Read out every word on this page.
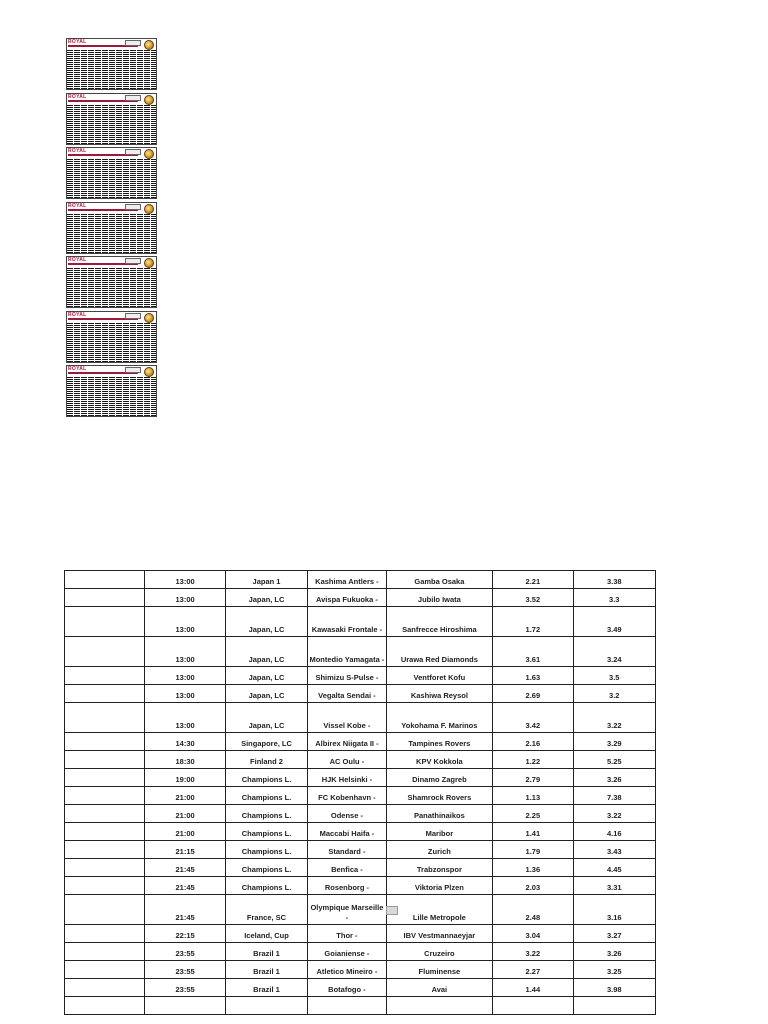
ROYAL
ROYAL
ROYAL
ROYAL
ROYAL
ROYAL
ROYAL
	13:00	Japan 1	Kashima Antlers -	Gamba Osaka	2.21	3.38
	13:00	Japan, LC	Avispa Fukuoka -	Jubilo Iwata	3.52	3.3
	13:00	Japan, LC	Kawasaki Frontale -	Sanfrecce Hiroshima	1.72	3.49
	13:00	Japan, LC	Montedio Yamagata -	Urawa Red Diamonds	3.61	3.24
	13:00	Japan, LC	Shimizu S-Pulse -	Ventforet Kofu	1.63	3.5
	13:00	Japan, LC	Vegalta Sendai -	Kashiwa Reysol	2.69	3.2
	13:00	Japan, LC	Vissel Kobe -	Yokohama F. Marinos	3.42	3.22
	14:30	Singapore, LC	Albirex Niigata II -	Tampines Rovers	2.16	3.29
	18:30	Finland 2	AC Oulu -	KPV Kokkola	1.22	5.25
	19:00	Champions L.	HJK Helsinki -	Dinamo Zagreb	2.79	3.26
	21:00	Champions L.	FC Kobenhavn -	Shamrock Rovers	1.13	7.38
	21:00	Champions L.	Odense -	Panathinaikos	2.25	3.22
	21:00	Champions L.	Maccabi Haifa -	Maribor	1.41	4.16
	21:15	Champions L.	Standard -	Zurich	1.79	3.43
	21:45	Champions L.	Benfica -	Trabzonspor	1.36	4.45
	21:45	Champions L.	Rosenborg -	Viktoria Plzen	2.03	3.31
	21:45	France, SC	Olympique Marseille -	Lille Metropole	2.48	3.16
	22:15	Iceland, Cup	Thor -	IBV Vestmannaeyjar	3.04	3.27
	23:55	Brazil 1	Goianiense -	Cruzeiro	3.22	3.26
	23:55	Brazil 1	Atletico Mineiro -	Fluminense	2.27	3.25
	23:55	Brazil 1	Botafogo -	Avai	1.44	3.98
